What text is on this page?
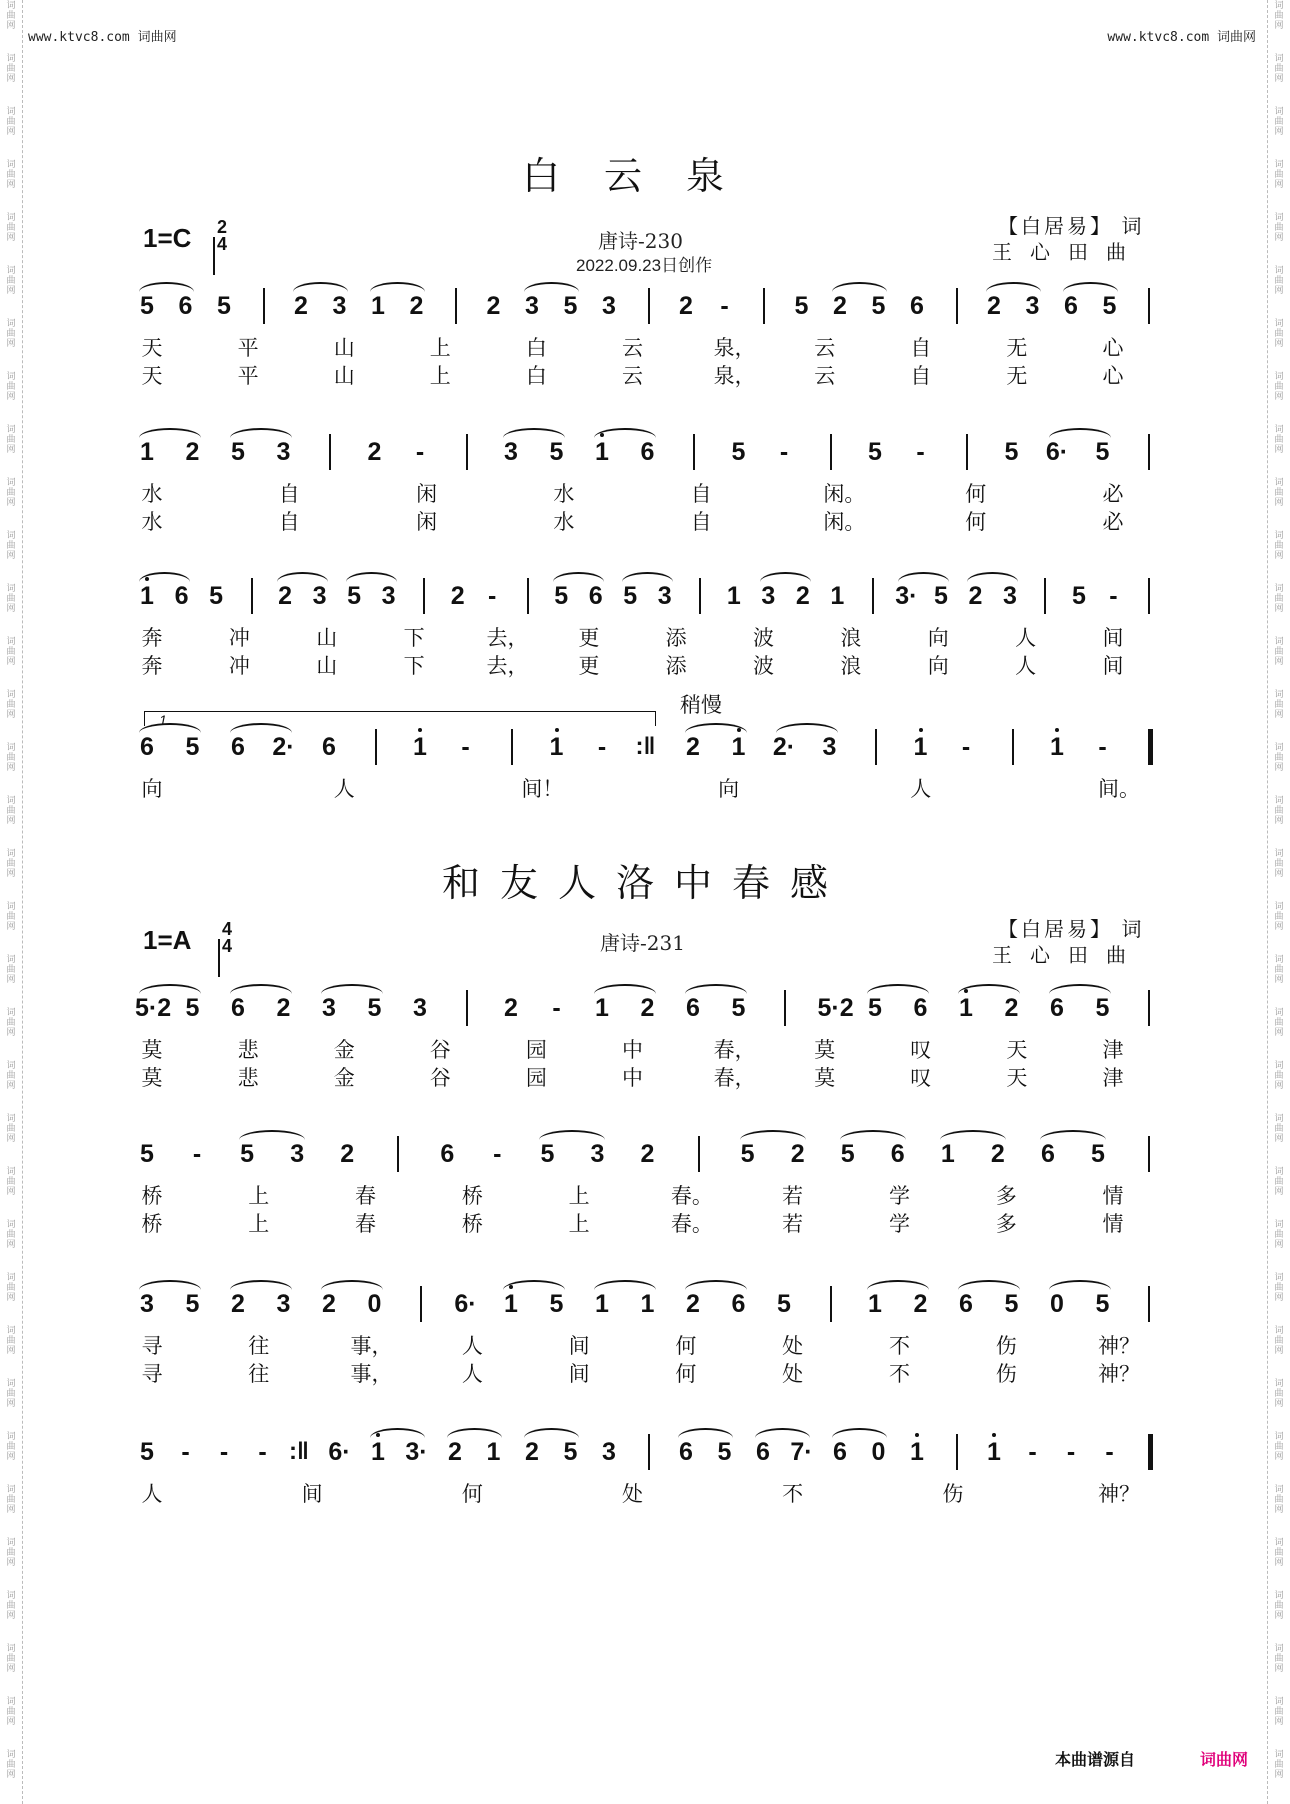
词
曲
网
词
曲
网
词
曲
网
词
曲
网
词
曲
网
词
曲
网
词
曲
网
词
曲
网
词
曲
网
词
曲
网
词
曲
网
词
曲
网
词
曲
网
词
曲
网
词
曲
网
词
曲
网
词
曲
网
词
曲
网
词
曲
网
词
曲
网
词
曲
网
词
曲
网
词
曲
网
词
曲
网
词
曲
网
词
曲
网
词
曲
网
词
曲
网
词
曲
网
词
曲
网
词
曲
网
词
曲
网
词
曲
网
词
曲
网
词
曲
网
词
曲
网
词
曲
网
词
曲
网
词
曲
网
词
曲
网
词
曲
网
词
曲
网
词
曲
网
词
曲
网
词
曲
网
词
曲
网
词
曲
网
词
曲
网
词
曲
网
词
曲
网
词
曲
网
词
曲
网
词
曲
网
词
曲
网
词
曲
网
词
曲
网
词
曲
网
词
曲
网
词
曲
网
词
曲
网
词
曲
网
词
曲
网
词
曲
网
词
曲
网
词
曲
网
词
曲
网
词
曲
网
词
曲
网
www.ktvc8.com 词曲网	www.ktvc8.com 词曲网
白云泉
1=C 2
4	唐诗-230
2022.09.23日创作
【白居易】 词
王心田曲
5 6 5	2 3 1 2	2 3 5 3	2	-	5 2 5 6	2 3 6 5
天	平	山	上	白	云	泉，	云	自	无	心
天	平	山	上	白	云	泉，	云	自	无	心
1 2 5 3	2	-	3 5 1 6	5	-	5	-	5 6· 5
水	自	闲	水	自	闲。	何	必
水	自	闲	水	自	闲。	何	必
1 6 5 2 3 5 3 2 -	5 6 5 3 1 3 2 1 3· 5 2 3 5 -
奔	冲	山	下	去， 更	添	波	浪	向	人	间
奔	冲	山	下	去， 更	添	波	浪	向	人	间
6 5 6 2· 6	1	-	1	-	:‖ 2 1 2· 3	1	-	1	-
向	人	间！	向	人	间。
稍慢
1.
和友人洛中春感
1=A 4
4	唐诗-231
【白居易】 词
王心田曲
5·2 5 6 2 3 5 3	2	-	1 2 6 5	5·2 5 6 1 2 6 5
莫	悲	金	谷	园	中	春，	莫	叹	天	津
莫	悲	金	谷	园	中	春，	莫	叹	天	津
5	-	5 3 2	6	-	5 3 2	5 2 5 6 1 2 6 5
桥	上	春	桥	上	春。	若	学	多	情
桥	上	春	桥	上	春。	若	学	多	情
3 5 2 3 2 0	6· 1 5 1 1 2 6 5	1 2 6 5 0 5
寻	往	事，	人	间	何	处	不	伤	神？
寻	往	事，	人	间	何	处	不	伤	神？
5	-	-	- :‖ 6· 1 3· 2 1 2 5 3	6 5 6 7· 6 0 1	1	-	-	-
人	间	何	处	不	伤	神？
本曲谱源自	词曲网
